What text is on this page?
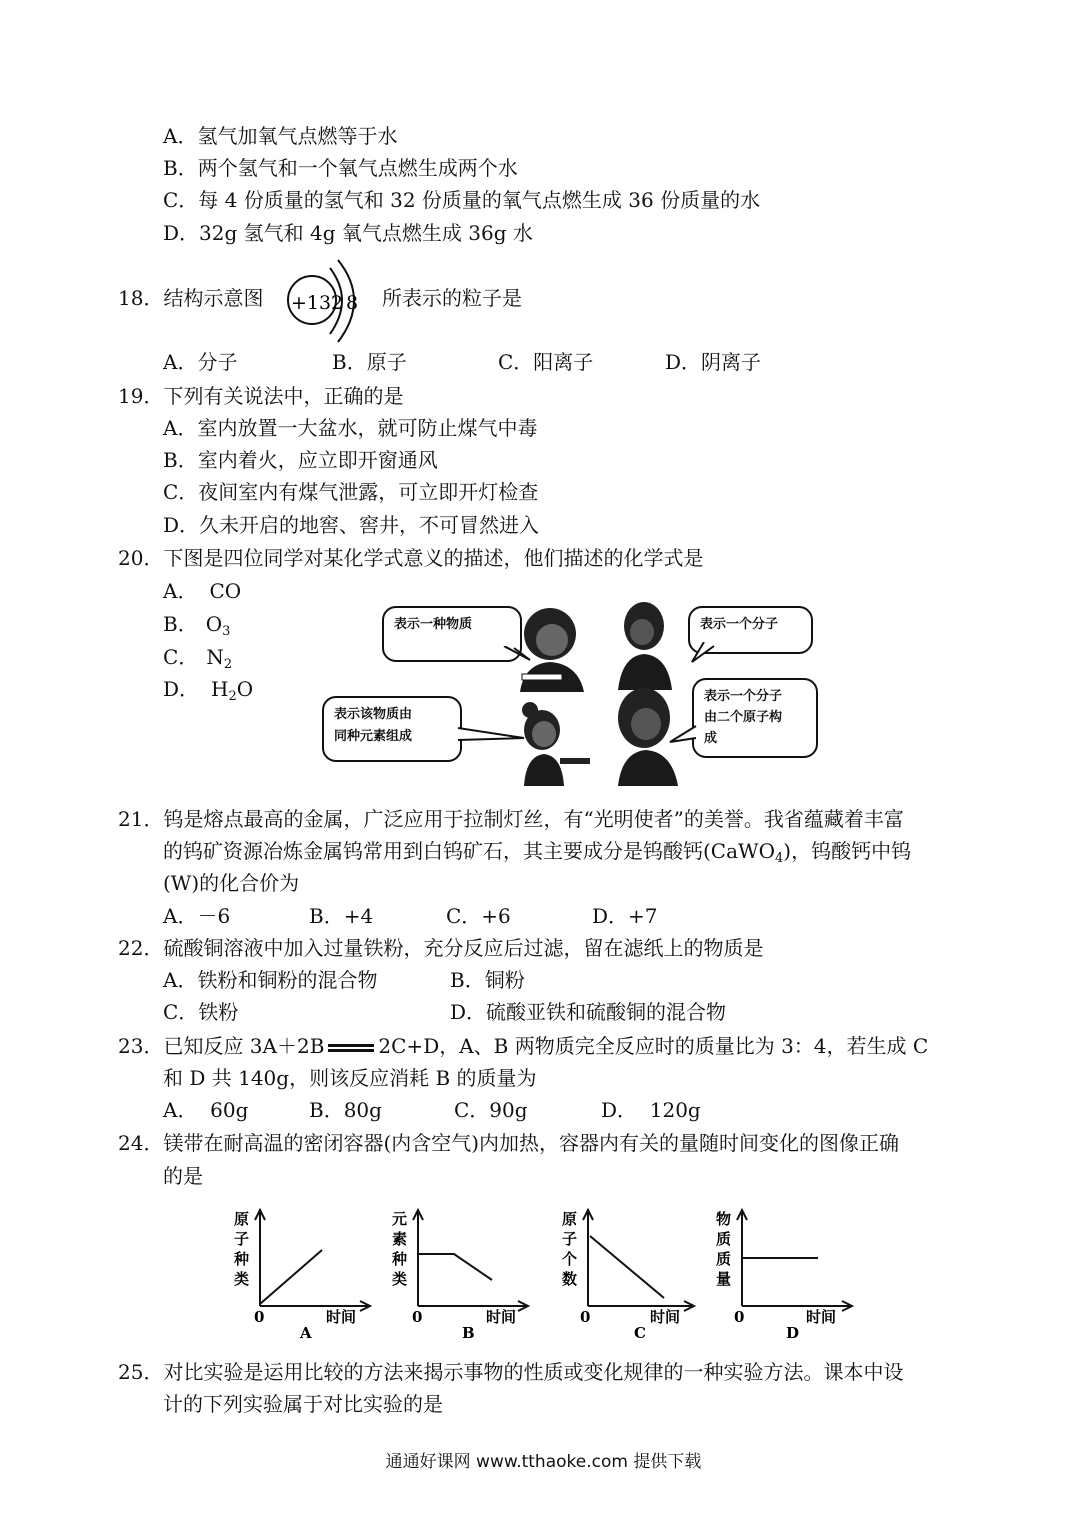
A．氢气加氧气点燃等于水
B．两个氢气和一个氧气点燃生成两个水
C．每 4 份质量的氢气和 32 份质量的氧气点燃生成 36 份质量的水
D．32g 氢气和 4g 氧气点燃生成 36g 水
18．结构示意图 +13 2 8 所表示的粒子是
A．分子	B．原子	C．阳离子	D．阴离子
19．下列有关说法中，正确的是
A．室内放置一大盆水，就可防止煤气中毒
B．室内着火，应立即开窗通风
C．夜间室内有煤气泄露，可立即开灯检查
D．久未开启的地窖、窖井，不可冒然进入
20．下图是四位同学对某化学式意义的描述，他们描述的化学式是
A． CO
B． $O_3$
C． $N_2$
D． $H_2O$
表示一种物质	表示一个分子
表示该物质由
同种元素组成
表示一个分子
由二个原子构
成
21．钨是熔点最高的金属，广泛应用于拉制灯丝，有“光明使者”的美誉。我省蕴藏着丰富
的钨矿资源冶炼金属钨常用到白钨矿石，其主要成分是钨酸钙(CaWO$_4$)，钨酸钙中钨
(W)的化合价为
A．－6	B．+4	C．+6	D．+7
22．硫酸铜溶液中加入过量铁粉，充分反应后过滤，留在滤纸上的物质是
A．铁粉和铜粉的混合物	B．铜粉
C．铁粉	D．硫酸亚铁和硫酸铜的混合物
23．已知反应 3A＋2B	2C+D，A、B 两物质完全反应时的质量比为 3：4，若生成 C
和 D 共 140g，则该反应消耗 B 的质量为
A．  60g	B．80g	C．90g	D．  120g
24．镁带在耐高温的密闭容器(内含空气)内加热，容器内有关的量随时间变化的图像正确
的是
原
子
种
类
0	时间
A
元
素
种
类
0	时间
B
原
子
个
数
0	时间
C
物
质
质
量
0	时间
D
25．对比实验是运用比较的方法来揭示事物的性质或变化规律的一种实验方法。课本中设
计的下列实验属于对比实验的是
通通好课网 www.tthaoke.com 提供下载
